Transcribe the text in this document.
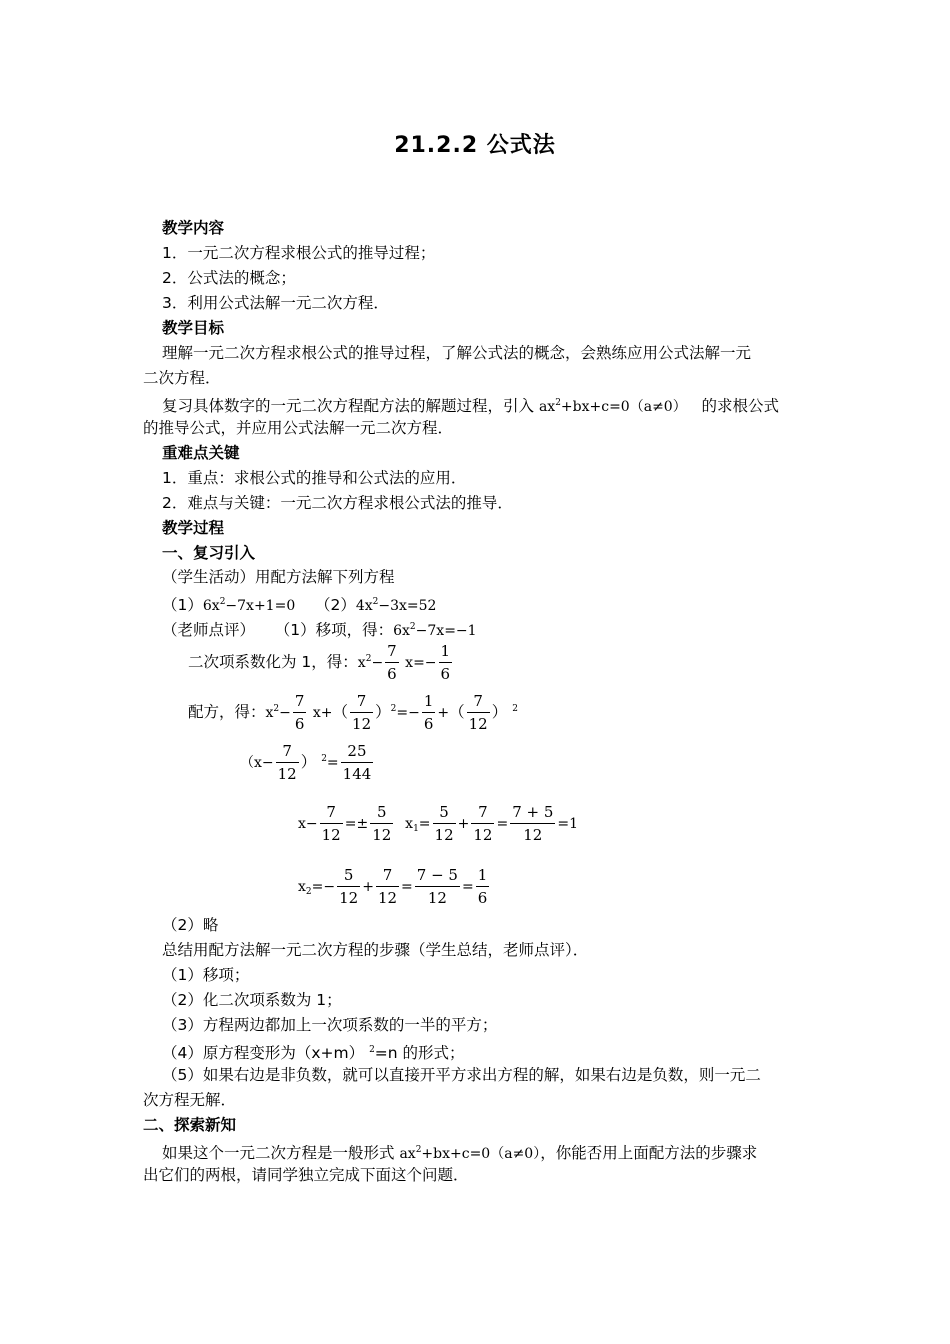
21.2.2 公式法
教学内容
1．一元二次方程求根公式的推导过程；
2．公式法的概念；
3．利用公式法解一元二次方程．
教学目标
理解一元二次方程求根公式的推导过程，了解公式法的概念，会熟练应用公式法解一元
二次方程．
复习具体数字的一元二次方程配方法的解题过程，引入 $ax^2+bx+c=0(a\ne 0)$ 的求根公式
的推导公式，并应用公式法解一元二次方程．
重难点关键
1．重点：求根公式的推导和公式法的应用．
2．难点与关键：一元二次方程求根公式法的推导．
教学过程
一、复习引入
（学生活动）用配方法解下列方程
$(1)6x^2-7x+1=0$ $(2)4x^2-3x=52$
（老师点评） （1）移项，得：$6x^2-7x=-1$
二次项系数化为 1，得：$x^2- \frac{7}{6} x=- \frac{1}{6}$
配方，得：$x^2- \frac{7}{6} x+( \frac{7}{12} )^2=- \frac{1}{6}$ +（ $\frac{7}{12}$ ） $^2$
（$x- \frac{7}{12}$ ） $^2= \frac{25}{144}$
$x- \frac{7}{12} =\pm \frac{5}{12} x_1= \frac{5}{12} + \frac{7}{12} = \frac{7 + 5}{12} =1$
$x_2=- \frac{5}{12} + \frac{7}{12} = \frac{7 - 5}{12} = \frac{1}{6}$
（2）略
总结用配方法解一元二次方程的步骤（学生总结，老师点评）．
（1）移项；
（2）化二次项系数为 1；
（3）方程两边都加上一次项系数的一半的平方；
（4）原方程变形为（x+m） $^2$=n 的形式；
（5）如果右边是非负数，就可以直接开平方求出方程的解，如果右边是负数，则一元二
次方程无解．
二、探索新知
如果这个一元二次方程是一般形式 $ax^2+bx+c=0(a\ne 0)$，你能否用上面配方法的步骤求
出它们的两根，请同学独立完成下面这个问题．
